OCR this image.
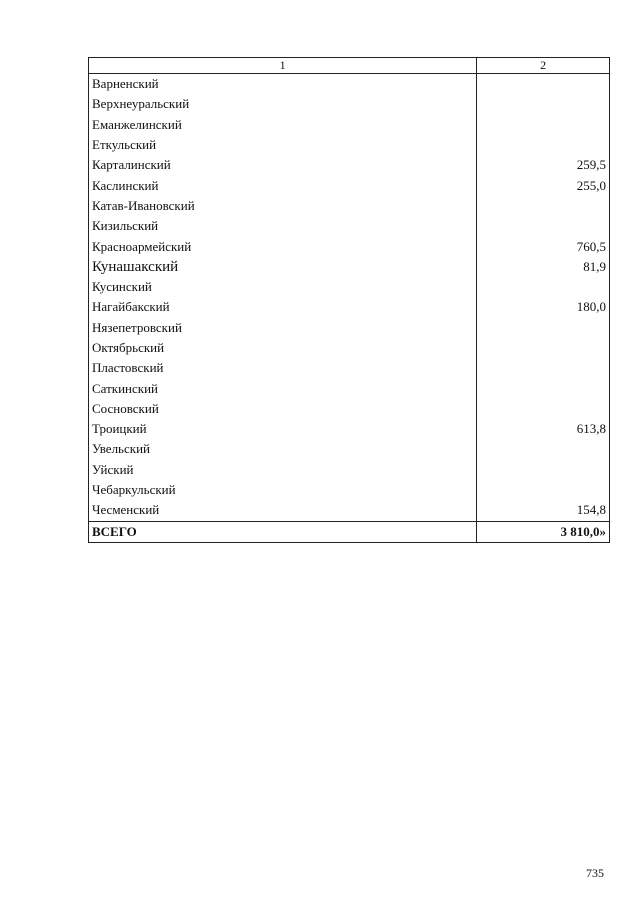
1	2
Варненский	
Верхнеуральский	
Еманжелинский	
Еткульский	
Карталинский	259,5
Каслинский	255,0
Катав-Ивановский	
Кизильский	
Красноармейский	760,5
Кунашакский	81,9
Кусинский	
Нагайбакский	180,0
Нязепетровский	
Октябрьский	
Пластовский	
Саткинский	
Сосновский	
Троицкий	613,8
Увельский	
Уйский	
Чебаркульский	
Чесменский	154,8
ВСЕГО	3 810,0»
735
